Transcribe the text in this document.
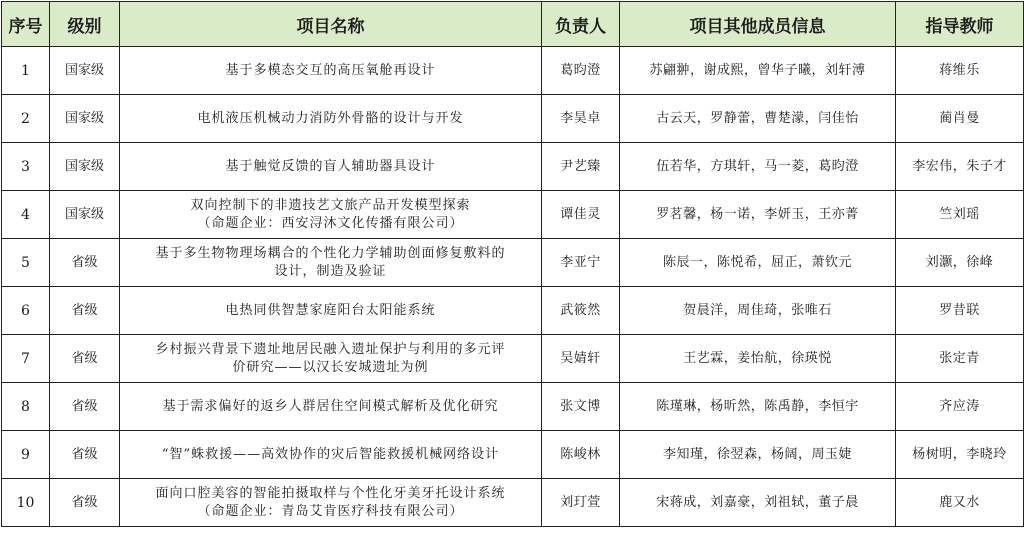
序号	级别	项目名称	负责人	项目其他成员信息	指导教师
1	国家级	基于多模态交互的高压氧舱再设计	葛昀澄	苏翩翀，谢成熙，曾华子曦，刘轩溥	蒋维乐
2	国家级	电机液压机械动力消防外骨骼的设计与开发	李昊卓	古云天，罗静蕾，曹楚濛，闫佳怡	蔺肖曼
3	国家级	基于触觉反馈的盲人辅助器具设计	尹艺臻	伍若华，方琪轩，马一菱，葛昀澄	李宏伟，朱子才
4	国家级	双向控制下的非遗技艺文旅产品开发模型探索
（命题企业：西安浔沐文化传播有限公司）	谭佳灵	罗茗馨，杨一诺，李妍玉，王亦菁	竺刘瑶
5	省级	基于多生物物理场耦合的个性化力学辅助创面修复敷料的
设计，制造及验证	李亚宁	陈辰一，陈悦希，屈正，萧钦元	刘灏，徐峰
6	省级	电热同供智慧家庭阳台太阳能系统	武筱然	贺晨洋，周佳琦，张唯石	罗昔联
7	省级	乡村振兴背景下遗址地居民融入遗址保护与利用的多元评
价研究——以汉长安城遗址为例	吴婧轩	王艺霖，姜怡航，徐瑛悦	张定青
8	省级	基于需求偏好的返乡人群居住空间模式解析及优化研究	张文博	陈瑾琳，杨昕然，陈禹静，李恒宇	齐应涛
9	省级	“智”蛛救援——高效协作的灾后智能救援机械网络设计	陈峻林	李知瑾，徐翌森，杨阔，周玉婕	杨树明，李晓玲
10	省级	面向口腔美容的智能拍摄取样与个性化牙美牙托设计系统
（命题企业：青岛艾肯医疗科技有限公司）	刘玎萱	宋蒋成，刘嘉豪，刘祖轼，董子晨	鹿又水
